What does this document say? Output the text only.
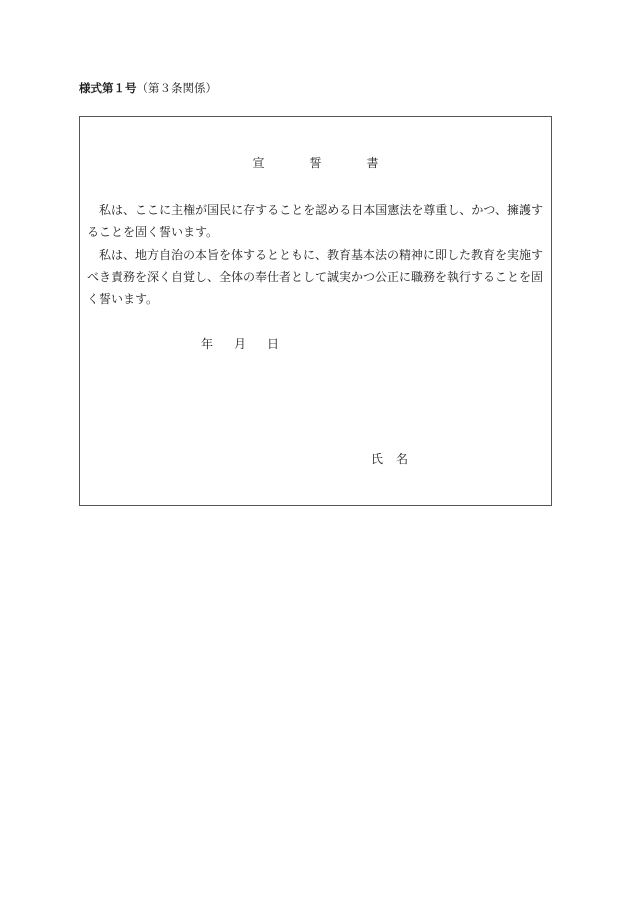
様式第１号（第３条関係）
宣誓書
私は、ここに主権が国民に存することを認める日本国憲法を尊重し、かつ、擁護す
ることを固く誓います。
私は、地方自治の本旨を体するとともに、教育基本法の精神に即した教育を実施す
べき責務を深く自覚し、全体の奉仕者として誠実かつ公正に職務を執行することを固
く誓います。
年 月 日
氏名
